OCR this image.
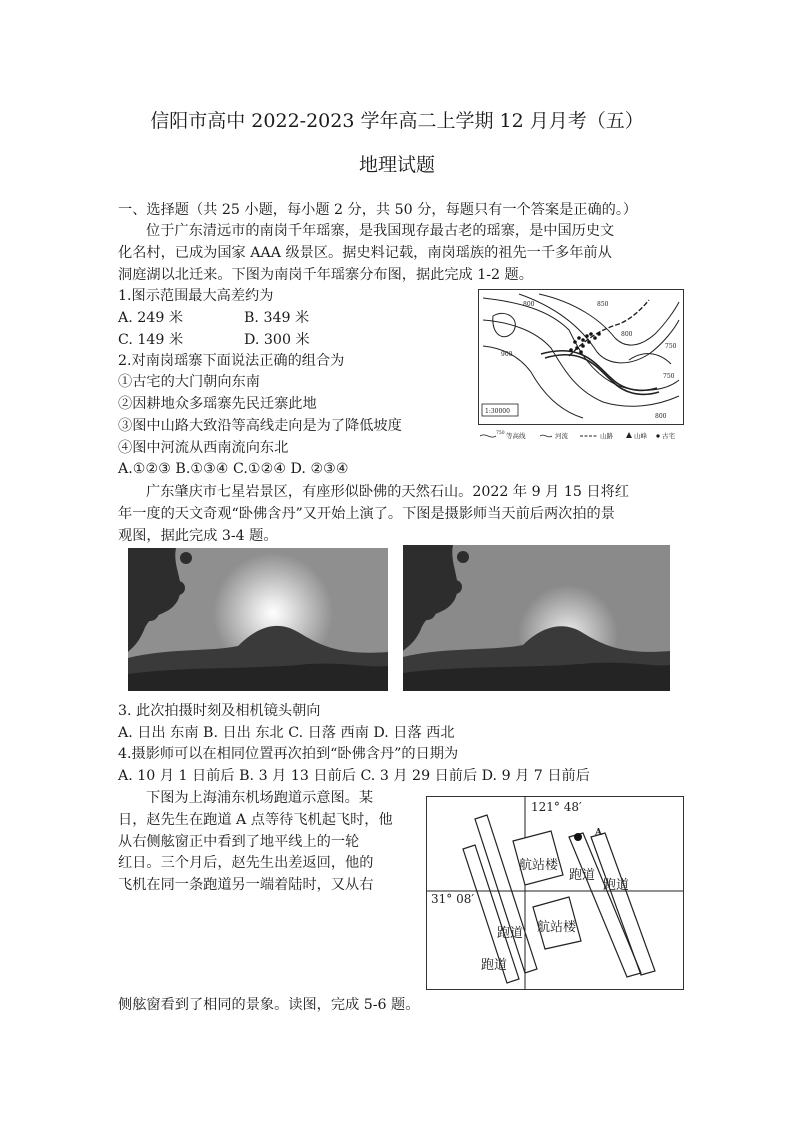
信阳市高中 2022-2023 学年高二上学期 12 月月考（五）
地理试题
一、选择题（共 25 小题，每小题 2 分，共 50 分，每题只有一个答案是正确的。）
位于广东清远市的南岗千年瑶寨，是我国现存最古老的瑶寨，是中国历史文
化名村，已成为国家 AAA 级景区。据史料记载，南岗瑶族的祖先一千多年前从
洞庭湖以北迁来。下图为南岗千年瑶寨分布图，据此完成 1-2 题。
1.图示范围最大高差约为
A. 249 米	B. 349 米
C. 149 米	D. 300 米
2.对南岗瑶寨下面说法正确的组合为
①古宅的大门朝向东南
②因耕地众多瑶寨先民迁寨此地
③图中山路大致沿等高线走向是为了降低坡度
④图中河流从西南流向东北
A.①②③ B.①③④ C.①②④ D. ②③④
800	850
900
750
800
750
800
1:30000
750 等高线	河流	山路	山峰 古宅
广东肇庆市七星岩景区，有座形似卧佛的天然石山。2022 年 9 月 15 日将红
年一度的天文奇观“卧佛含丹”又开始上演了。下图是摄影师当天前后两次拍的景
观图，据此完成 3-4 题。
3. 此次拍摄时刻及相机镜头朝向
A. 日出 东南 B. 日出 东北 C. 日落 西南 D. 日落 西北
4.摄影师可以在相同位置再次拍到“卧佛含丹”的日期为
A. 10 月 1 日前后 B. 3 月 13 日前后 C. 3 月 29 日前后 D. 9 月 7 日前后
下图为上海浦东机场跑道示意图。某
日，赵先生在跑道 A 点等待飞机起飞时，他
从右侧舷窗正中看到了地平线上的一轮
红日。三个月后，赵先生出差返回，他的
飞机在同一条跑道另一端着陆时，又从右
侧舷窗看到了相同的景象。读图，完成 5-6 题。
121° 48′
31° 08′
A
航站楼
航站楼
跑道
跑道
跑道
跑道
